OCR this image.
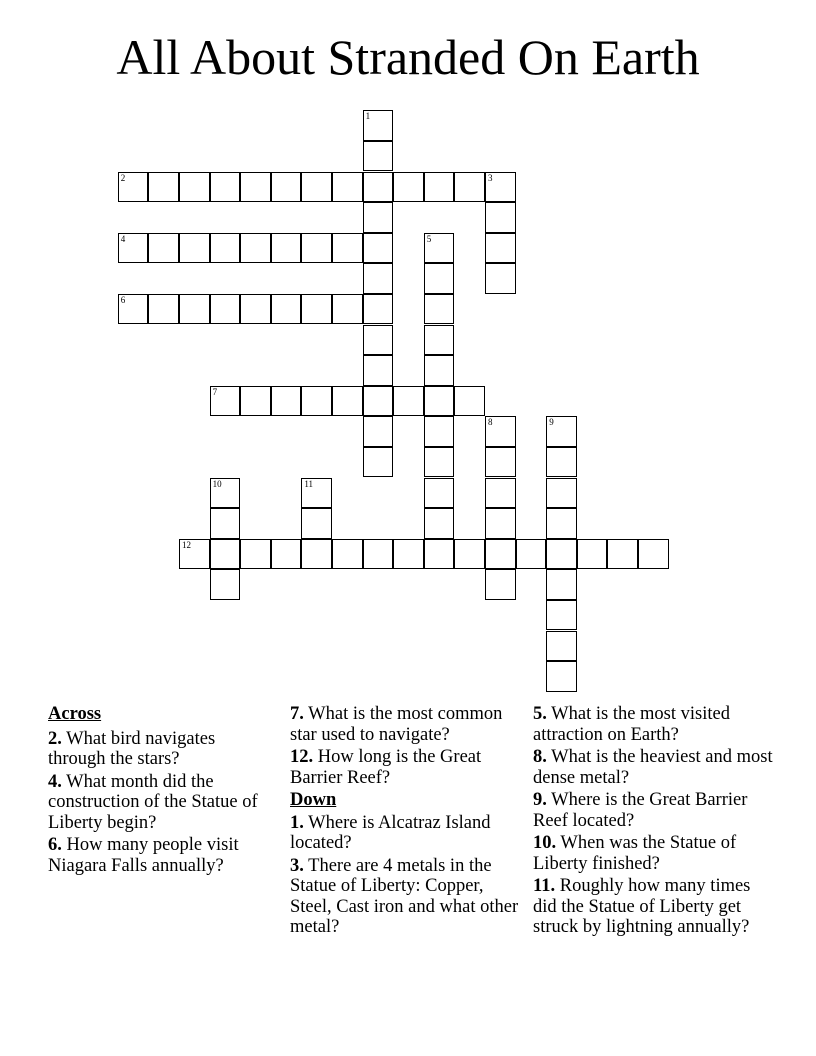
All About Stranded On Earth
1
2	3
4	5
6
7
8	9
10	11
12
Across
2. What bird navigates through the stars?
4. What month did the construction of the Statue of Liberty begin?
6. How many people visit Niagara Falls annually?
7. What is the most common star used to navigate?
12. How long is the Great Barrier Reef?
Down
1. Where is Alcatraz Island located?
3. There are 4 metals in the Statue of Liberty: Copper, Steel, Cast iron and what other metal?
5. What is the most visited attraction on Earth?
8. What is the heaviest and most dense metal?
9. Where is the Great Barrier Reef located?
10. When was the Statue of Liberty finished?
11. Roughly how many times did the Statue of Liberty get struck by lightning annually?
